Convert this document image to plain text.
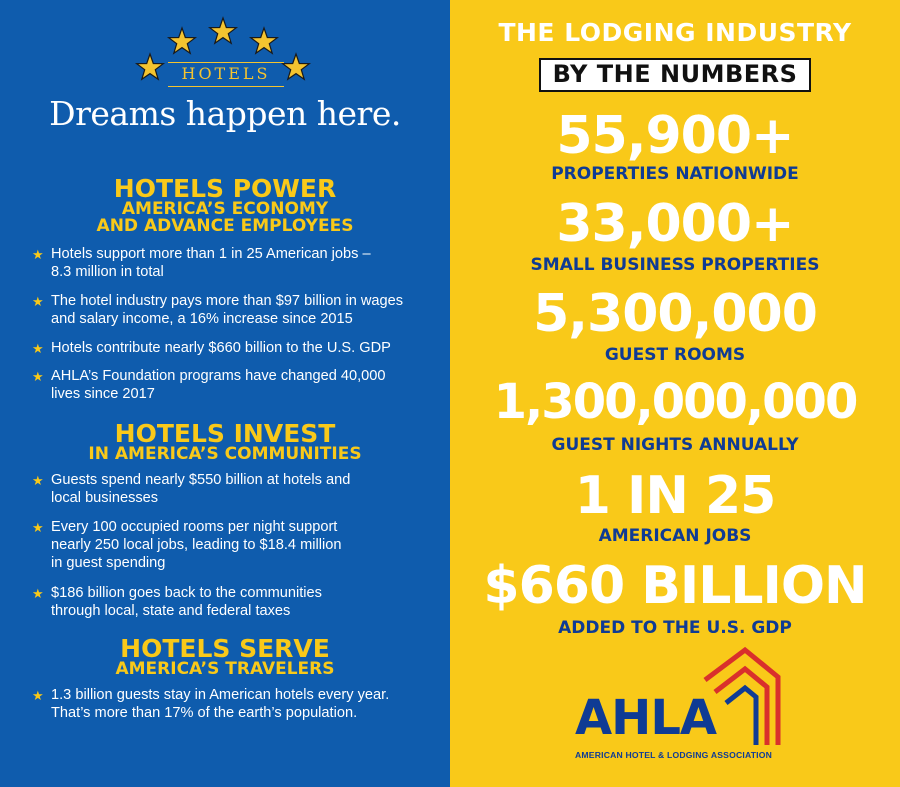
HOTELS
Dreams happen here.
HOTELS POWER
AMERICA’S ECONOMY
AND ADVANCE EMPLOYEES
★ Hotels support more than 1 in 25 American jobs –
8.3 million in total
★ The hotel industry pays more than $97 billion in wages
and salary income, a 16% increase since 2015
★ Hotels contribute nearly $660 billion to the U.S. GDP
★ AHLA’s Foundation programs have changed 40,000
lives since 2017
HOTELS INVEST
IN AMERICA’S COMMUNITIES
★ Guests spend nearly $550 billion at hotels and
local businesses
★ Every 100 occupied rooms per night support
nearly 250 local jobs, leading to $18.4 million
in guest spending
★ $186 billion goes back to the communities
through local, state and federal taxes
HOTELS SERVE
AMERICA’S TRAVELERS
★ 1.3 billion guests stay in American hotels every year.
That’s more than 17% of the earth’s population.
THE LODGING INDUSTRY
BY THE NUMBERS
55,900+
PROPERTIES NATIONWIDE
33,000+
SMALL BUSINESS PROPERTIES
5,300,000
GUEST ROOMS
1,300,000,000
GUEST NIGHTS ANNUALLY
1 IN 25
AMERICAN JOBS
$660 BILLION
ADDED TO THE U.S. GDP
AHLA
AMERICAN HOTEL & LODGING ASSOCIATION
